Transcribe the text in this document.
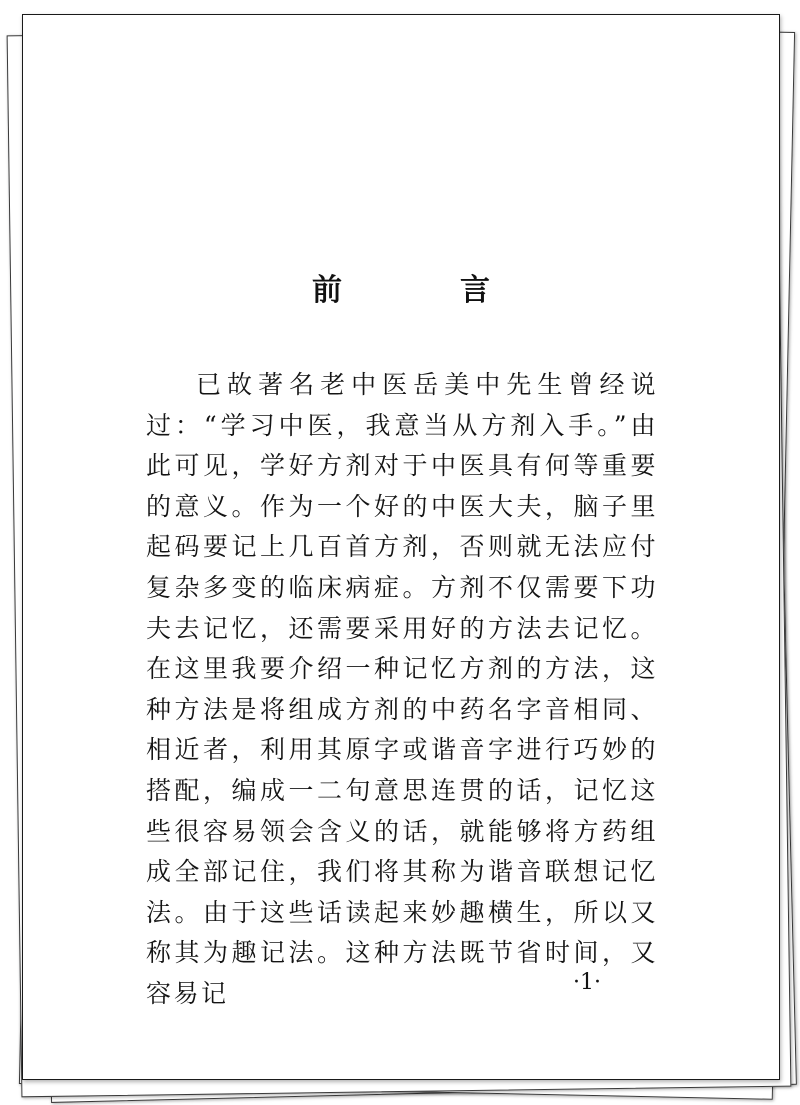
前　言

已故著名老中医岳美中先生曾经说过：“学习中医，我意当从方剂入手。”由此可见，学好方剂对于中医具有何等重要的意义。作为一个好的中医大夫，脑子里起码要记上几百首方剂，否则就无法应付复杂多变的临床病症。方剂不仅需要下功夫去记忆，还需要采用好的方法去记忆。在这里我要介绍一种记忆方剂的方法，这种方法是将组成方剂的中药名字音相同、相近者，利用其原字或谐音字进行巧妙的搭配，编成一二句意思连贯的话，记忆这些很容易领会含义的话，就能够将方药组成全部记住，我们将其称为谐音联想记忆法。由于这些话读起来妙趣横生，所以又称其为趣记法。这种方法既节省时间，又容易记	·1·
